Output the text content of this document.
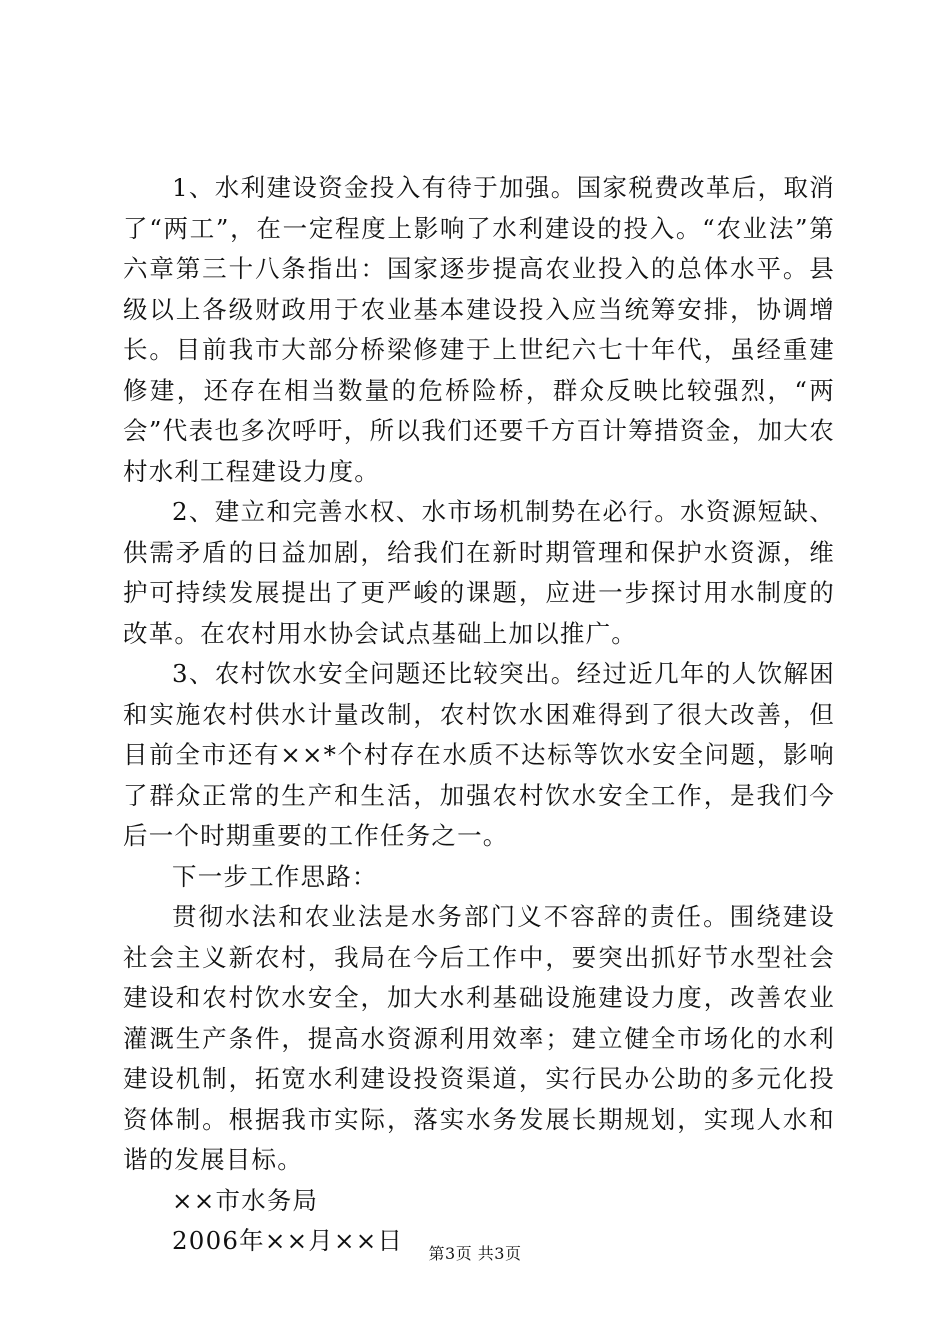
1、水利建设资金投入有待于加强。国家税费改革后，取消了“两工”，在一定程度上影响了水利建设的投入。“农业法”第六章第三十八条指出：国家逐步提高农业投入的总体水平。县级以上各级财政用于农业基本建设投入应当统筹安排，协调增长。目前我市大部分桥梁修建于上世纪六七十年代，虽经重建修建，还存在相当数量的危桥险桥，群众反映比较强烈，“两会”代表也多次呼吁，所以我们还要千方百计筹措资金，加大农村水利工程建设力度。

2、建立和完善水权、水市场机制势在必行。水资源短缺、供需矛盾的日益加剧，给我们在新时期管理和保护水资源，维护可持续发展提出了更严峻的课题，应进一步探讨用水制度的改革。在农村用水协会试点基础上加以推广。

3、农村饮水安全问题还比较突出。经过近几年的人饮解困和实施农村供水计量改制，农村饮水困难得到了很大改善，但目前全市还有××*个村存在水质不达标等饮水安全问题，影响了群众正常的生产和生活，加强农村饮水安全工作，是我们今后一个时期重要的工作任务之一。

下一步工作思路：

贯彻水法和农业法是水务部门义不容辞的责任。围绕建设社会主义新农村，我局在今后工作中，要突出抓好节水型社会建设和农村饮水安全，加大水利基础设施建设力度，改善农业灌溉生产条件，提高水资源利用效率；建立健全市场化的水利建设机制，拓宽水利建设投资渠道，实行民办公助的多元化投资体制。根据我市实际，落实水务发展长期规划，实现人水和谐的发展目标。

××市水务局

2006年××月××日	第3页 共3页
